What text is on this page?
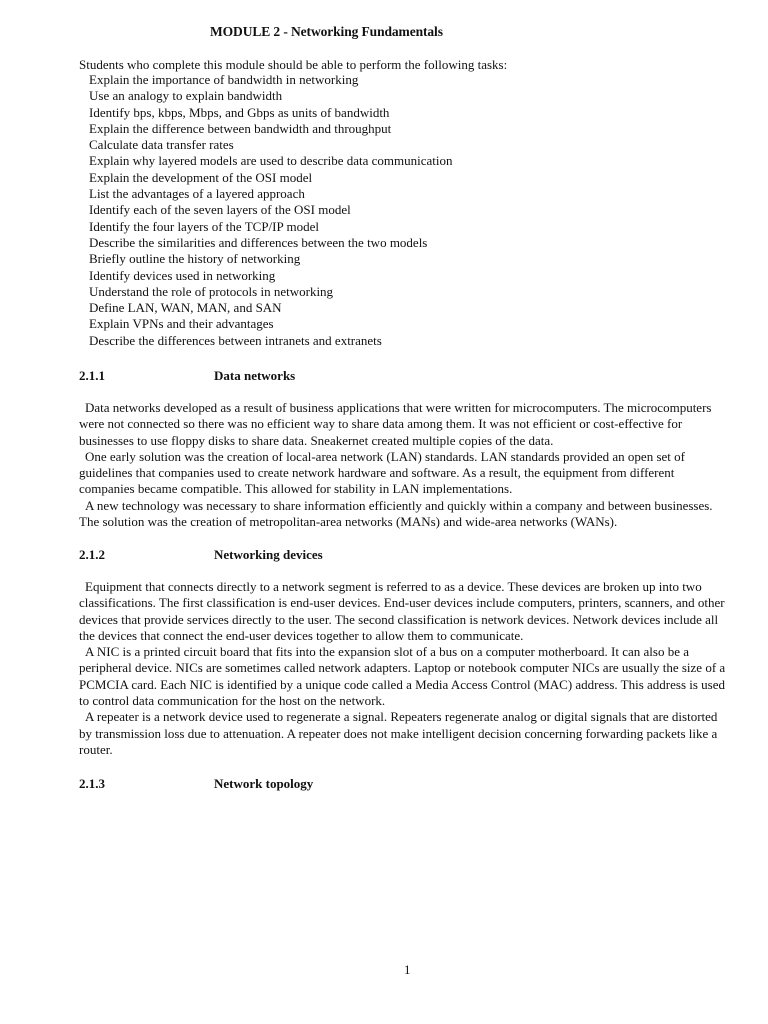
MODULE 2 - Networking Fundamentals
Students who complete this module should be able to perform the following tasks:
Explain the importance of bandwidth in networking
Use an analogy to explain bandwidth
Identify bps, kbps, Mbps, and Gbps as units of bandwidth
Explain the difference between bandwidth and throughput
Calculate data transfer rates
Explain why layered models are used to describe data communication
Explain the development of the OSI model
List the advantages of a layered approach
Identify each of the seven layers of the OSI model
Identify the four layers of the TCP/IP model
Describe the similarities and differences between the two models
Briefly outline the history of networking
Identify devices used in networking
Understand the role of protocols in networking
Define LAN, WAN, MAN, and SAN
Explain VPNs and their advantages
Describe the differences between intranets and extranets
2.1.1	Data networks

Data networks developed as a result of business applications that were written for microcomputers. The microcomputers were not connected so there was no efficient way to share data among them. It was not efficient or cost-effective for businesses to use floppy disks to share data. Sneakernet created multiple copies of the data.

One early solution was the creation of local-area network (LAN) standards. LAN standards provided an open set of guidelines that companies used to create network hardware and software. As a result, the equipment from different companies became compatible. This allowed for stability in LAN implementations.

A new technology was necessary to share information efficiently and quickly within a company and between businesses. The solution was the creation of metropolitan-area networks (MANs) and wide-area networks (WANs).

2.1.2	Networking devices

Equipment that connects directly to a network segment is referred to as a device. These devices are broken up into two classifications. The first classification is end-user devices. End-user devices include computers, printers, scanners, and other devices that provide services directly to the user. The second classification is network devices. Network devices include all the devices that connect the end-user devices together to allow them to communicate.

A NIC is a printed circuit board that fits into the expansion slot of a bus on a computer motherboard. It can also be a peripheral device. NICs are sometimes called network adapters. Laptop or notebook computer NICs are usually the size of a PCMCIA card. Each NIC is identified by a unique code called a Media Access Control (MAC) address. This address is used to control data communication for the host on the network.

A repeater is a network device used to regenerate a signal. Repeaters regenerate analog or digital signals that are distorted by transmission loss due to attenuation. A repeater does not make intelligent decision concerning forwarding packets like a router.

2.1.3	Network topology
1
